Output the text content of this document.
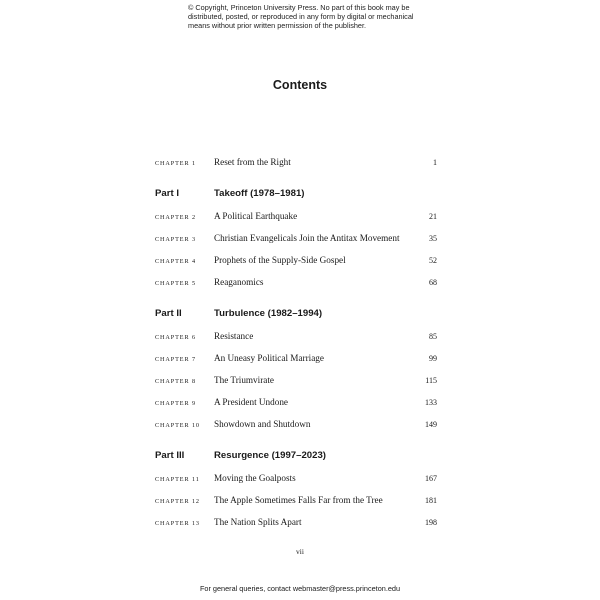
© Copyright, Princeton University Press. No part of this book may be distributed, posted, or reproduced in any form by digital or mechanical means without prior written permission of the publisher.
Contents
CHAPTER 1 Reset from the Right	1
Part I	Takeoff (1978–1981)
CHAPTER 2 A Political Earthquake	21
CHAPTER 3 Christian Evangelicals Join the Antitax Movement	35
CHAPTER 4 Prophets of the Supply-Side Gospel	52
CHAPTER 5 Reaganomics	68
Part II	Turbulence (1982–1994)
CHAPTER 6 Resistance	85
CHAPTER 7 An Uneasy Political Marriage	99
CHAPTER 8 The Triumvirate	115
CHAPTER 9 A President Undone	133
CHAPTER 10 Showdown and Shutdown	149
Part III	Resurgence (1997–2023)
CHAPTER 11 Moving the Goalposts	167
CHAPTER 12 The Apple Sometimes Falls Far from the Tree	181
CHAPTER 13 The Nation Splits Apart	198
vii
For general queries, contact webmaster@press.princeton.edu
